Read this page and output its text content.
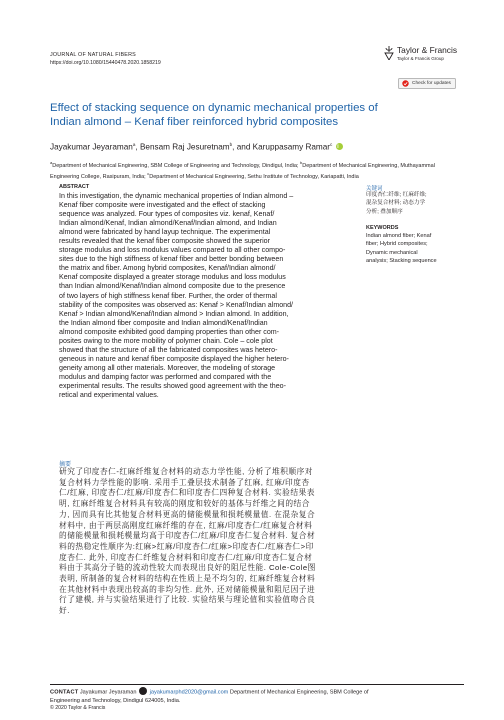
JOURNAL OF NATURAL FIBERS
https://doi.org/10.1080/15440478.2020.1858219
Taylor & Francis
Taylor & Francis Group
Check for updates
Effect of stacking sequence on dynamic mechanical properties of
Indian almond – Kenaf fiber reinforced hybrid composites
Jayakumar Jeyaraman$^a$, Bensam Raj Jesuretnam$^b$, and Karuppasamy Ramar$^c$ i
$^a$Department of Mechanical Engineering, SBM College of Engineering and Technology, Dindigul, India; $^b$Department of Mechanical Engineering, Muthayammal Engineering College, Rasipuram, India; $^c$Department of Mechanical Engineering, Sethu Institute of Technology, Kariapatti, India
ABSTRACT
In this investigation, the dynamic mechanical properties of Indian almond –
Kenaf fiber composite were investigated and the effect of stacking
sequence was analyzed. Four types of composites viz. kenaf, Kenaf/
Indian almond/Kenaf, Indian almond/Kenaf/Indian almond, and Indian
almond were fabricated by hand layup technique. The experimental
results revealed that the kenaf fiber composite showed the superior
storage modulus and loss modulus values compared to all other compo-
sites due to the high stiffness of kenaf fiber and better bonding between
the matrix and fiber. Among hybrid composites, Kenaf/Indian almond/
Kenaf composite displayed a greater storage modulus and loss modulus
than Indian almond/Kenaf/Indian almond composite due to the presence
of two layers of high stiffness kenaf fiber. Further, the order of thermal
stability of the composites was observed as: Kenaf > Kenaf/Indian almond/
Kenaf > Indian almond/Kenaf/Indian almond > Indian almond. In addition,
the Indian almond fiber composite and Indian almond/Kenaf/Indian
almond composite exhibited good damping properties than other com-
posites owing to the more mobility of polymer chain. Cole – cole plot
showed that the structure of all the fabricated composites was hetero-
geneous in nature and kenaf fiber composite displayed the higher hetero-
geneity among all other materials. Moreover, the modeling of storage
modulus and damping factor was performed and compared with the
experimental results. The results showed good agreement with the theo-
retical and experimental values.
摘要
研究了印度杏仁-红麻纤维复合材料的动态力学性能, 分析了堆积顺序对
复合材料力学性能的影响. 采用手工叠层技术制备了红麻, 红麻/印度杏
仁/红麻, 印度杏仁/红麻/印度杏仁和印度杏仁四种复合材料. 实验结果表
明, 红麻纤维复合材料具有较高的刚度和较好的基体与纤维之间的结合
力, 因而具有比其他复合材料更高的储能模量和损耗模量值. 在混杂复合
材料中, 由于两层高刚度红麻纤维的存在, 红麻/印度杏仁/红麻复合材料
的储能模量和损耗模量均高于印度杏仁/红麻/印度杏仁复合材料. 复合材
料的热稳定性顺序为:红麻>红麻/印度杏仁/红麻>印度杏仁/红麻杏仁>印
度杏仁. 此外, 印度杏仁纤维复合材料和印度杏仁/红麻/印度杏仁复合材
料由于其高分子链的流动性较大而表现出良好的阻尼性能. Cole-Cole图
表明, 所制备的复合材料的结构在性质上是不均匀的, 红麻纤维复合材料
在其他材料中表现出较高的非均匀性. 此外, 还对储能模量和阻尼因子进
行了建模, 并与实验结果进行了比较. 实验结果与理论值和实验值吻合良
好.
关键词
印度杏仁纤维; 红麻纤维;
混杂复合材料; 动态力学
分析; 叠加顺序
KEYWORDS
Indian almond fiber; Kenaf
fiber; Hybrid composites;
Dynamic mechanical
analysis; Stacking sequence
CONTACT Jayakumar Jeyaraman  jayakumarphd2020@gmail.com Department of Mechanical Engineering, SBM College of
Engineering and Technology, Dindigul 624005, India.
© 2020 Taylor & Francis
